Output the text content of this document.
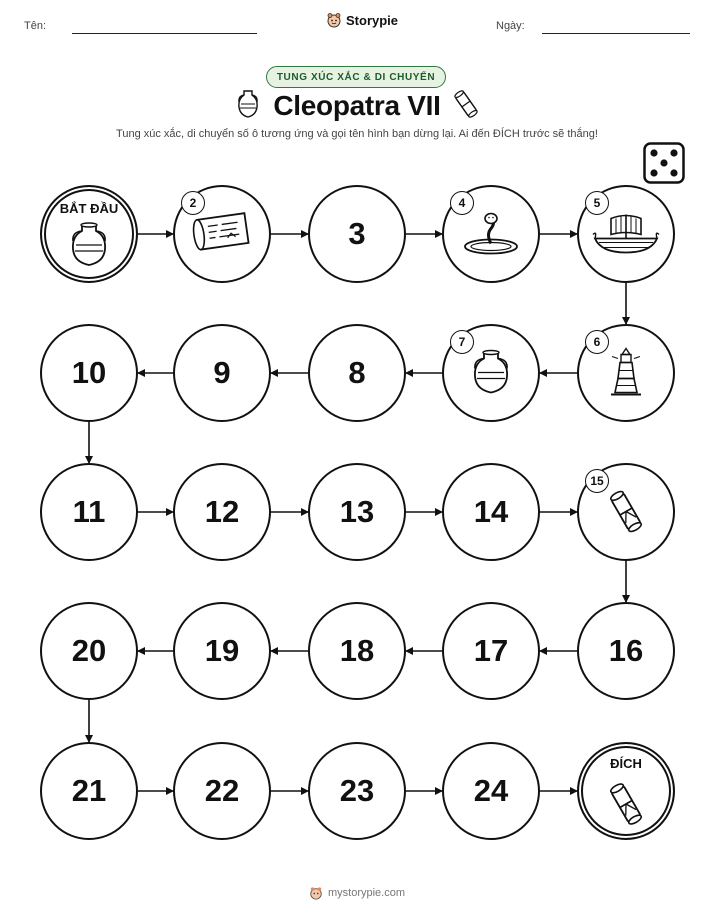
Tên:	Storypie	Ngày:
TUNG XÚC XẮC & DI CHUYỂN
Cleopatra VII
Tung xúc xắc, di chuyển số ô tương ứng và gọi tên hình bạn dừng lại. Ai đến ĐÍCH trước sẽ thắng!
BẮT ĐẦU	2
3
4	5
6
7
8
9
10
11	12	13	14
15
16
17
18
19
20
21	22	23	24
ĐÍCH
mystorypie.com
